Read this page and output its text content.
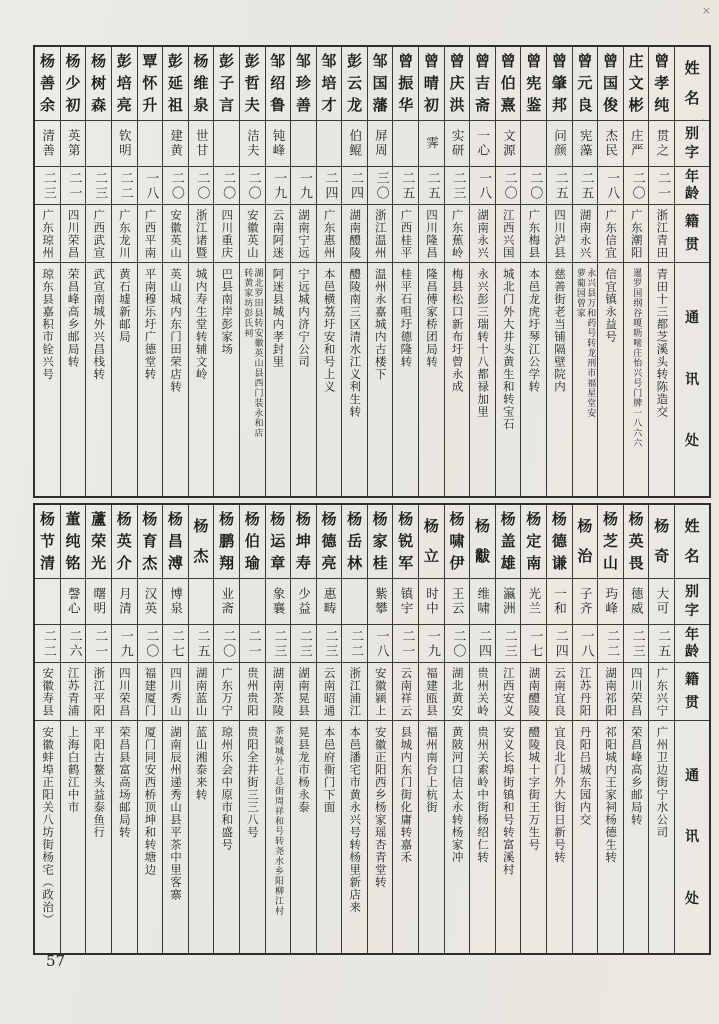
姓
名
别
字
年
龄
籍
贯
通
讯
处
曾
孝
纯
贯之
二一
浙江青田
青田十三都芝溪头转陈造交
庄
文
彬
庄严
二〇
广东潮阳
暹罗国纲谷嗄呖嘧庄怡兴号门牌一八六六
曾
国
俊
杰民
一八
广东信宜
信宜镇永益号
曾
元
良
宪藻
二五
湖南永兴
永兴县万和药号转龙刑市福星堂安
萝葡园曾家
曾
肇
邦
问颜
二五
四川泸县
慈善街老当铺隔壁院内
曾
宪
鉴
二〇
广东梅县
本邑龙虎圩琴江公学转
曾
伯
熹
文源
二〇
江西兴国
城北门外大井头黄生和转宝石
曾
吉
斋
一心
一八
湖南永兴
永兴彭三瑞转十八都禄加里
曾
庆
洪
实研
二三
广东蕉岭
梅县松口新布圩曾永成
曾
晴
初
霁
二五
四川隆昌
隆昌傅家桥团局转
曾
振
华
二五
广西桂平
桂平石咀圩德隆转
邹
国
藩
屏周
三〇
浙江温州
温州永嘉城内古楼下
彭
云
龙
伯鲲
二四
湖南醴陵
醴陵南三区清水江义利生转
邹
培
才
二四
广东惠州
本邑横荔圩安和号上义
邹
珍
善
一九
湖南宁远
宁远城内济宁公司
邹
绍
鲁
钝峰
一九
云南阿迷
阿迷县城内孝封里
彭
哲
夫
洁夫
二〇
安徽英山
湖北罗田县转安徽英山县西门装永和店
转黄家坊彭氏祠
彭
子
言
二〇
四川重庆
巴县南岸彭家场
杨
维
泉
世甘
二〇
浙江诸暨
城内寿生堂转辅文岭
彭
延
祖
建黄
二〇
安徽英山
英山城内东门田荣店转
覃
怀
升
一八
广西平南
平南穆乐圩广德堂转
彭
培
亮
钦明
二二
广东龙川
黄石墟新邮局
杨
树
森
二三
广西武宣
武宣南城外兴昌栈转
杨
少
初
英第
二一
四川荣昌
荣昌峰高乡邮局转
杨
善
余
清善
二三
广东琼州
琼东县嘉积市铨兴号
姓
名
别
字
年
龄
籍
贯
通
讯
处
杨
奇
大可
二五
广东兴宁
广州卫边街宁水公司
杨
英
畏
德威
二三
四川荣昌
荣昌峰高乡邮局转
杨
芝
山
玙峰
二二
湖南祁阳
祁阳城内王家祠杨德生转
杨
治
子齐
一八
江苏丹阳
丹阳吕城东园内交
杨
德
谦
一和
二四
云南宜良
宜良北门外大街日新号转
杨
定
南
光兰
一七
湖南醴陵
醴陵城十字街王万生号
杨
盖
雄
瀛洲
二三
江西安义
安义长埠街镇和号转富溪村
杨
黻
维啸
二四
贵州关岭
贵州关索岭中街杨绍仁转
杨
啸
伊
王云
二〇
湖北黄安
黄陂河口信太永转杨家冲
杨
立
时中
一九
福建瓯县
福州南台上杭街
杨
锐
军
镇宇
二一
云南祥云
县城内东门街化庸转嘉禾
杨
家
桂
紫攀
一八
安徽颍上
安徽正阳西乡杨家瑶杏青堂转
杨
岳
林
二二
浙江浦江
本邑潘宅市黄永兴号转杨里新店来
杨
德
亮
惠畴
二三
云南昭通
本邑府衙门下面
杨
坤
寿
少益
二三
湖南晃县
晃县龙市杨永泰
杨
运
章
象襄
二三
湖南茶陵
茶陵城外七总街周祥和号转尧水乡阳柳江村
杨
伯
瑜
二一
贵州贵阳
贵阳全井街三三八号
杨
鹏
翔
业斋
二〇
广东万宁
琼州乐会中原市和盛号
杨
杰
二五
湖南蓝山
蓝山湘泰来转
杨
昌
溥
博泉
二七
四川秀山
湖南辰州递秀山县平茶中里客寨
杨
育
杰
汉英
二〇
福建厦门
厦门同安西桥顶坤和转塘边
杨
英
介
月清
一九
四川荣昌
荣昌县富高场邮局转
蘆
荣
光
曙明
二一
浙江平阳
平阳古鳌头益泰鱼行
董
纯
铭
謦心
二六
江苏青浦
上海白鹤江中市
杨
节
清
二二
安徽寿县
安徽蚌埠正阳关八坊街杨宅（政治）
57
×
· ·
